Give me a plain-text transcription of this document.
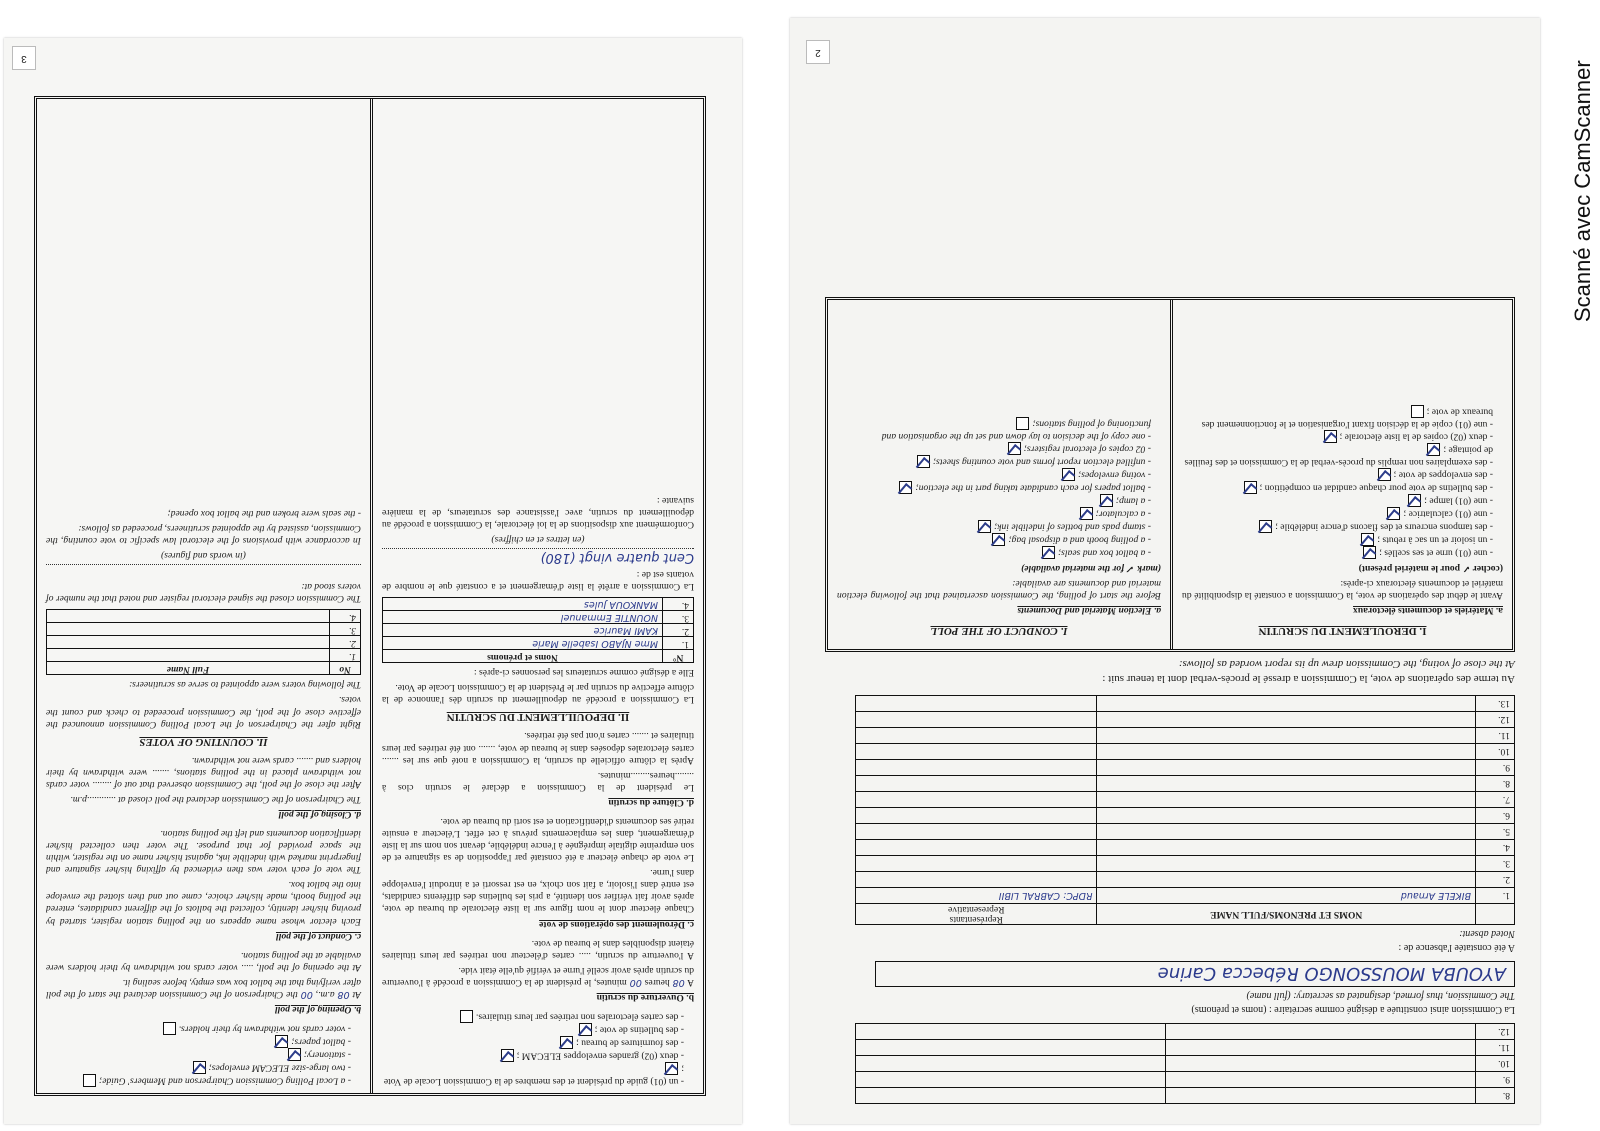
3
- un (01) guide du président et des membres de la Commission Locale de Vote ;
- deux (02) grandes enveloppes ELECAM ;
- des fournitures de bureau ;
- des bulletins de vote ;
- des cartes électorales non retirées par leurs titulaires.
b. Ouverture du scrutin

A 08 heures 00 minutes, le président de la Commission a procédé à l'ouverture du scrutin après avoir scellé l'urne et vérifié qu'elle était vide.

A l'ouverture du scrutin, ..... cartes d'électeur non retirées par leurs titulaires étaient disponibles dans le bureau de vote.

c. Déroulement des opérations de vote

Chaque électeur dont le nom figure sur la liste électorale du bureau de vote, après avoir fait vérifier son identité, a pris les bulletins des différents candidats, est entré dans l'isoloir, a fait son choix, en est ressorti et a introduit l'enveloppe dans l'urne.

Le vote de chaque électeur a été constaté par l'apposition de sa signature et de son empreinte digitale imprégnée à l'encre indélébile, devant son nom sur la liste d'émargement, dans les emplacements prévus à cet effet. L'électeur a ensuite retiré ses documents d'identification et est sorti du bureau de vote.

d. Clôture du scrutin

Le président de la Commission a déclaré le scrutin clos à ........heures........minutes.

Après la clôture officielle du scrutin, la Commission a noté que sur les ....... cartes électorales déposées dans le bureau de vote, ....... ont été retirées par leurs titulaires et ....... cartes n'ont pas été retirées.

II. DEPOUILLEMENT DU SCRUTIN

La Commission a procédé au dépouillement du scrutin dès l'annonce de la clôture effective du scrutin par le Président de la Commission Locale de Vote.

Elle a désigné comme scrutateurs les personnes ci-après :

N°	Noms et prénoms
1.	Mme NJABO Isabelle Marie
2.	KAMI Maurice
3.	NOUNTIE Emmanuel
4.	MANKOUA Jules

La Commission a arrêté la liste d'émargement et a constaté que le nombre de votants est de :

Cent quatre vingt (180)

(en lettres et en chiffres)

Conformément aux dispositions de la loi électorale, la Commission a procédé au dépouillement du scrutin, avec l'assistance des scrutateurs, de la manière suivante :

- a Local Polling Commission Chairperson and Members' Guide;
- two large-size ELECAM envelopes;
- stationery;
- ballot papers;
- voter cards not withdrawn by their holders.
b. Opening of the poll

At 08 a.m., 00 the Chairperson of the Commission declared the start of the poll after verifying that the ballot box was empty, before sealing it.

At the opening of the poll, ..... voter cards not withdrawn by their holders were available at the polling station.

c. Conduct of the poll

Each elector whose name appears on the polling station register, started by proving his/her identity, collected the ballots of the different candidates, entered the polling booth, made his/her choice, came out and then slotted the envelope into the ballot box.

The vote of each voter was then evidenced by affixing his/her signature and fingerprint marked with indelible ink, against his/her name on the register, within the space provided for that purpose. The voter then collected his/her identification documents and left the polling station.

d. Closing of the poll

The Chairperson of the Commission declared the poll closed at ............p.m.

After the close of the poll, the Commission observed that out of ........ voter cards not withdrawn placed in the polling stations, ....... were withdrawn by their holders and ....... cards were not withdrawn.

II. COUNTING OF VOTES

Right after the Chairperson of the Local Polling Commission announced the effective close of the poll, the Commission proceeded to check and count the votes.

The following voters were appointed to serve as scrutineers:

No	Full Name
1.	
2.	
3.	
4.	

The Commission closed the signed electoral register and noted that the number of voters stood at:

(in words and figures)

In accordance with provisions of the electoral law specific to vote counting, the Commission, assisted by the appointed scrutineers, proceeded as follows:

- the seals were broken and the ballot box opened;

2
8.		
9.		
10.		
11.		
12.		

La Commission ainsi constituée a désigné comme secrétaire : (noms et prénoms)

The Commission, thus formed, designated as secretary: (full name)

AYOUBA MOUSSONGO Rébecca Carine

A été constatée l'absence de :

Noted absent:

	NOMS ET PRENOMS/FULL NAME	Représentants
Representative
1.	BIKELE Arnaud	RDPC: CABRAL LIBII
2.		
3.		
4.		
5.		
6.		
7.		
8.		
9.		
10.		
11.		
12.		
13.		

Au terme des opérations de vote, la Commission a dressé le procès-verbal dont la teneur suit :

At the close of voting, the Commission drew up its report worded as follows:

I. DEROULEMENT DU SCRUTIN
a. Matériels et documents électoraux

Avant le début des opérations de vote, la Commission a constaté la disponibilité du matériel et documents électoraux ci-après:

(cocher ✓ pour le matériel présent)

- une (01) urne et ses scellés ;
- un isoloir et un sac à rebuts ;
- des tampons encreurs et des flacons d'encre indélébile ;
- une (01) calculatrice ;
- une (01) lampe ;
- des bulletins de vote pour chaque candidat en compétition ;
- des enveloppes de vote ;
- des exemplaires non remplis du procès-verbal de la Commission et des feuilles de pointage ;
- deux (02) copies de la liste électorale ;
- une (01) copie de la décision fixant l'organisation et le fonctionnement des bureaux de vote ;
I. CONDUCT OF THE POLL
a. Election Material and Documents

Before the start of polling, the Commission ascertained that the following election material and documents are available:

(mark ✓ for the material available)

- a ballot box and seals;
- a polling booth and a disposal bag;
- stamp pads and bottles of indelible ink;
- a calculator;
- a lamp;
- ballot papers for each candidate taking part in the election;
- voting envelopes;
- unfilled election report forms and vote counting sheets;
- 02 copies of electoral registers;
- one copy of the decision to lay down and set up the organisation and functioning of polling stations;
Scanné avec CamScanner
